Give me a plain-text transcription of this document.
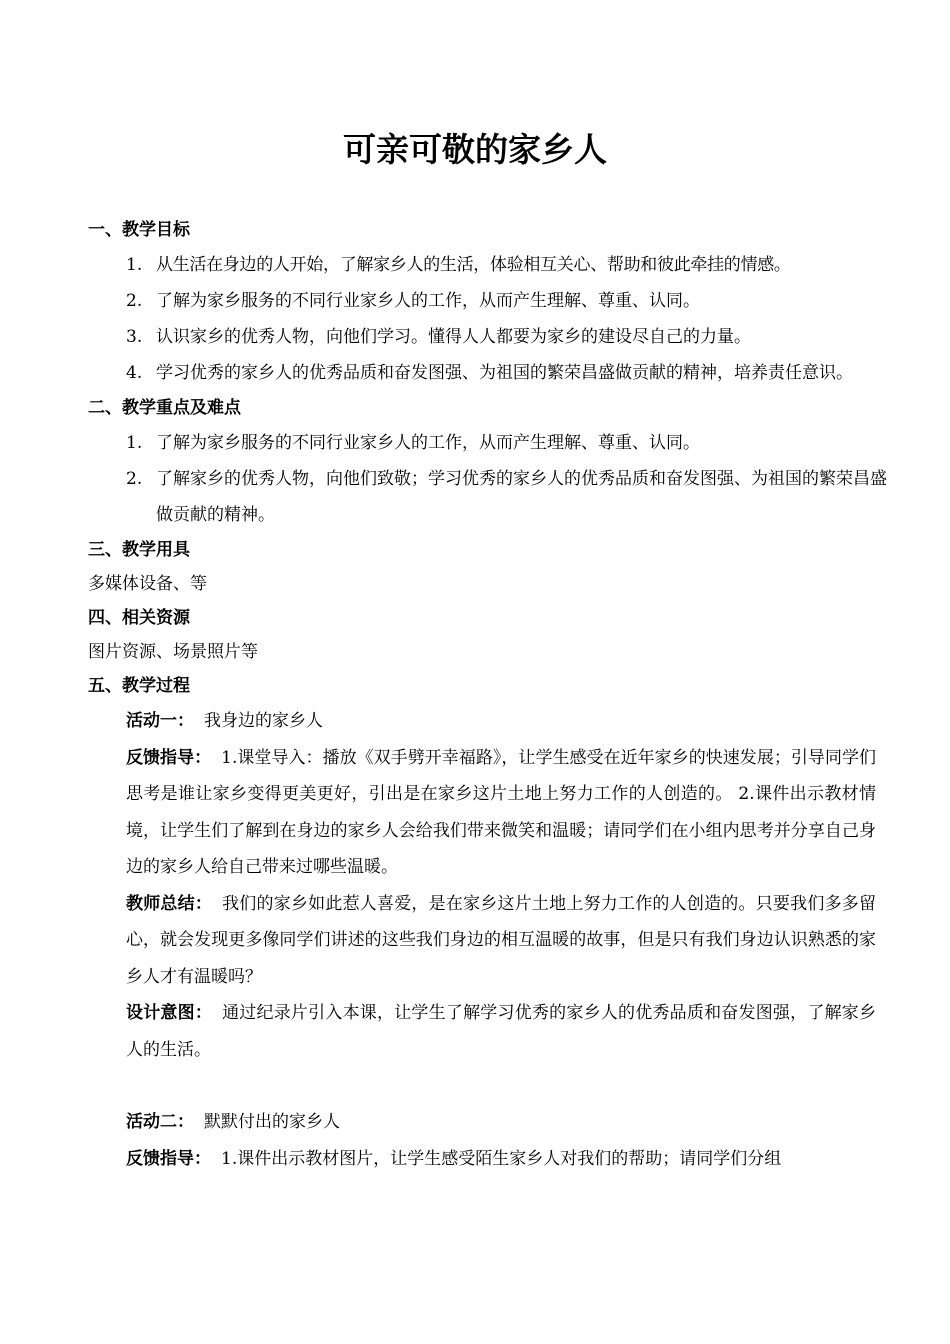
可亲可敬的家乡人
一、教学目标
1. 从生活在身边的人开始，了解家乡人的生活，体验相互关心、帮助和彼此牵挂的情感。
2. 了解为家乡服务的不同行业家乡人的工作，从而产生理解、尊重、认同。
3. 认识家乡的优秀人物，向他们学习。懂得人人都要为家乡的建设尽自己的力量。
4. 学习优秀的家乡人的优秀品质和奋发图强、为祖国的繁荣昌盛做贡献的精神，培养责任意识。
二、教学重点及难点
1. 了解为家乡服务的不同行业家乡人的工作，从而产生理解、尊重、认同。
2. 了解家乡的优秀人物，向他们致敬；学习优秀的家乡人的优秀品质和奋发图强、为祖国的繁荣昌盛做贡献的精神。
三、教学用具
多媒体设备、等
四、相关资源
图片资源、场景照片等
五、教学过程
活动一： 我身边的家乡人
反馈指导： 1.课堂导入：播放《双手劈开幸福路》，让学生感受在近年家乡的快速发展；引导同学们思考是谁让家乡变得更美更好，引出是在家乡这片土地上努力工作的人创造的。 2.课件出示教材情境，让学生们了解到在身边的家乡人会给我们带来微笑和温暖；请同学们在小组内思考并分享自己身边的家乡人给自己带来过哪些温暖。
教师总结： 我们的家乡如此惹人喜爱，是在家乡这片土地上努力工作的人创造的。只要我们多多留心，就会发现更多像同学们讲述的这些我们身边的相互温暖的故事，但是只有我们身边认识熟悉的家乡人才有温暖吗？
设计意图： 通过纪录片引入本课，让学生了解学习优秀的家乡人的优秀品质和奋发图强，了解家乡人的生活。
活动二： 默默付出的家乡人
反馈指导： 1.课件出示教材图片，让学生感受陌生家乡人对我们的帮助；请同学们分组
